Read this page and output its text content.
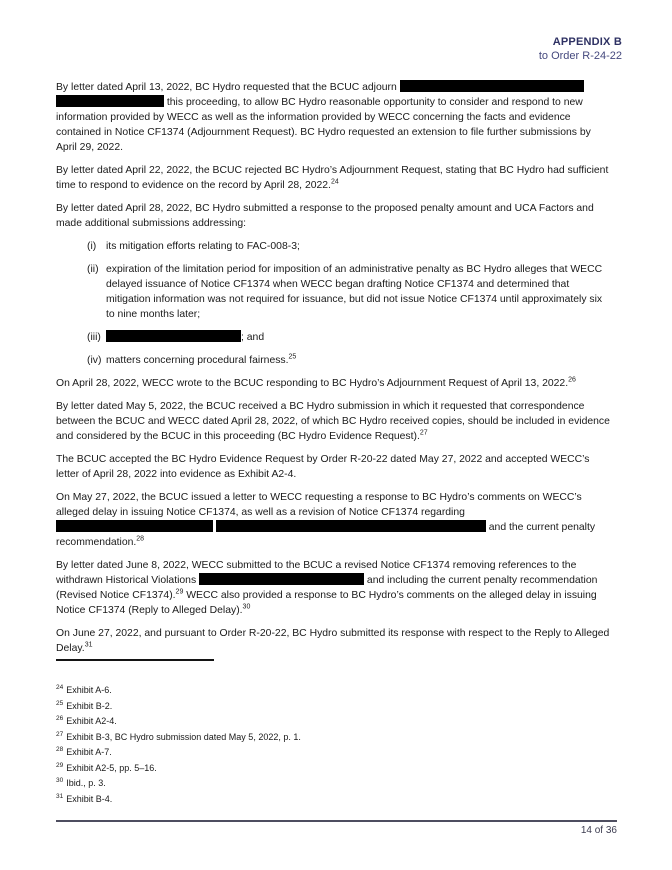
APPENDIX B
to Order R-24-22
By letter dated April 13, 2022, BC Hydro requested that the BCUC adjourn   this proceeding, to allow BC Hydro reasonable opportunity to consider and respond to new information provided by WECC as well as the information provided by WECC concerning the facts and evidence contained in Notice CF1374 (Adjournment Request). BC Hydro requested an extension to file further submissions by April 29, 2022.
By letter dated April 22, 2022, the BCUC rejected BC Hydro’s Adjournment Request, stating that BC Hydro had sufficient time to respond to evidence on the record by April 28, 2022.24
By letter dated April 28, 2022, BC Hydro submitted a response to the proposed penalty amount and UCA Factors and made additional submissions addressing:
(i) its mitigation efforts relating to FAC-008-3;
(ii) expiration of the limitation period for imposition of an administrative penalty as BC Hydro alleges that WECC delayed issuance of Notice CF1374 when WECC began drafting Notice CF1374 and determined that mitigation information was not required for issuance, but did not issue Notice CF1374 until approximately six to nine months later;
(iii)	; and
(iv) matters concerning procedural fairness.$^{25}$
On April 28, 2022, WECC wrote to the BCUC responding to BC Hydro’s Adjournment Request of April 13, 2022.26
By letter dated May 5, 2022, the BCUC received a BC Hydro submission in which it requested that correspondence between the BCUC and WECC dated April 28, 2022, of which BC Hydro received copies, should be included in evidence and considered by the BCUC in this proceeding (BC Hydro Evidence Request).$^{27}$
The BCUC accepted the BC Hydro Evidence Request by Order R-20-22 dated May 27, 2022 and accepted WECC’s letter of April 28, 2022 into evidence as Exhibit A2-4.
On May 27, 2022, the BCUC issued a letter to WECC requesting a response to BC Hydro’s comments on WECC’s alleged delay in issuing Notice CF1374, as well as a revision of Notice CF1374 regarding   and the current penalty recommendation.$^{28}$
By letter dated June 8, 2022, WECC submitted to the BCUC a revised Notice CF1374 removing references to the withdrawn Historical Violations	and including the current penalty recommendation (Revised Notice CF1374).$^{29}$ WECC also provided a response to BC Hydro’s comments on the alleged delay in issuing Notice CF1374 (Reply to Alleged Delay).$^{30}$
On June 27, 2022, and pursuant to Order R-20-22, BC Hydro submitted its response with respect to the Reply to Alleged Delay.$^{31}$
$^{24}$ Exhibit A-6.
$^{25}$ Exhibit B-2.
$^{26}$ Exhibit A2-4.
$^{27}$ Exhibit B-3, BC Hydro submission dated May 5, 2022, p. 1.
$^{28}$ Exhibit A-7.
$^{29}$ Exhibit A2-5, pp. 5–16.
$^{30}$ Ibid., p. 3.
$^{31}$ Exhibit B-4.
14 of 36
